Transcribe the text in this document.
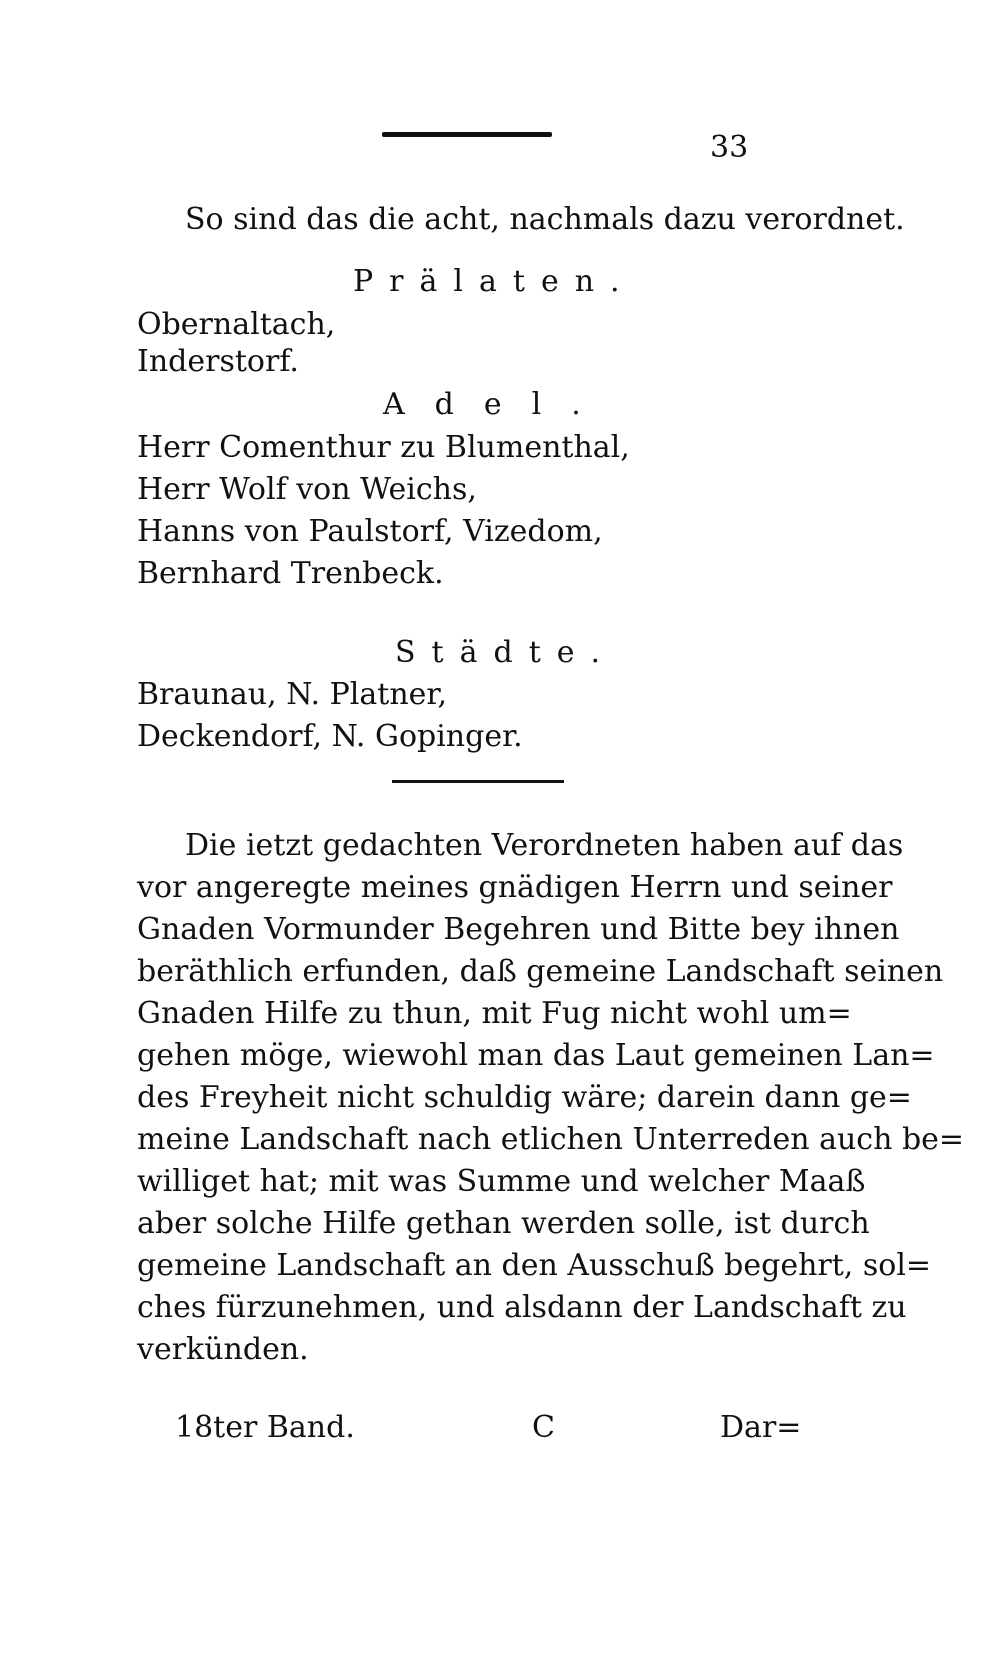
33
So sind das die acht, nachmals dazu verordnet.
Prälaten.
Obernaltach,
Inderstorf.
Adel.
Herr Comenthur zu Blumenthal,
Herr Wolf von Weichs,
Hanns von Paulstorf, Vizedom,
Bernhard Trenbeck.
Städte.
Braunau, N. Platner,
Deckendorf, N. Gopinger.
Die ietzt gedachten Verordneten haben auf das
vor angeregte meines gnädigen Herrn und seiner
Gnaden Vormunder Begehren und Bitte bey ihnen
beräthlich erfunden, daß gemeine Landschaft seinen
Gnaden Hilfe zu thun, mit Fug nicht wohl um=
gehen möge, wiewohl man das Laut gemeinen Lan=
des Freyheit nicht schuldig wäre; darein dann ge=
meine Landschaft nach etlichen Unterreden auch be=
williget hat; mit was Summe und welcher Maaß
aber solche Hilfe gethan werden solle, ist durch
gemeine Landschaft an den Ausschuß begehrt, sol=
ches fürzunehmen, und alsdann der Landschaft zu
verkünden.
18ter Band.	C	Dar=
